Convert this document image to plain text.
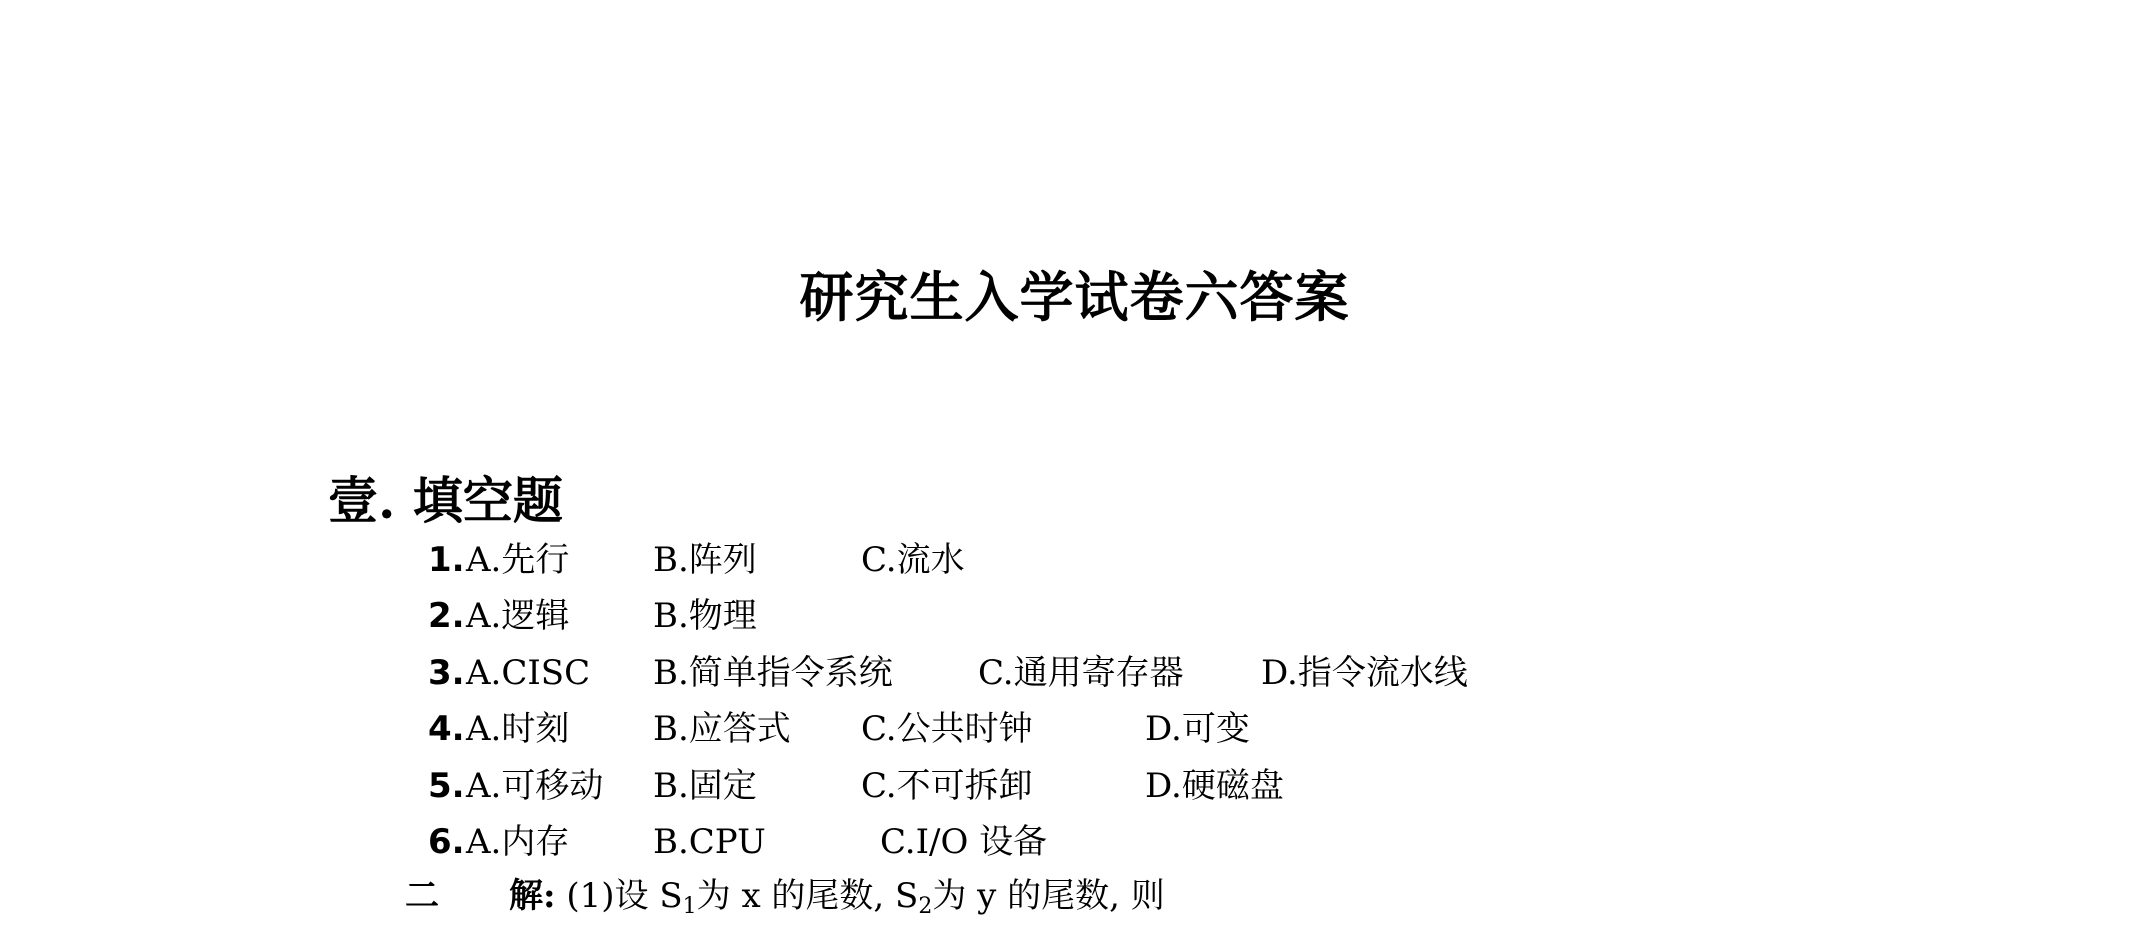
研究生入学试卷六答案
壹. 填空题
1. A.先行 B.阵列	C.流水
2. A.逻辑 B.物理
3. A.CISC B.简单指令系统	C.通用寄存器 D.指令流水线
4. A.时刻 B.应答式 C.公共时钟	D.可变
5. A.可移动 B.固定	C.不可拆卸	D.硬磁盘
6. A.内存 B.CPU	C.I/O 设备
二 解: (1)设 $S_1$为 x 的尾数, $S_2$为 y 的尾数, 则
